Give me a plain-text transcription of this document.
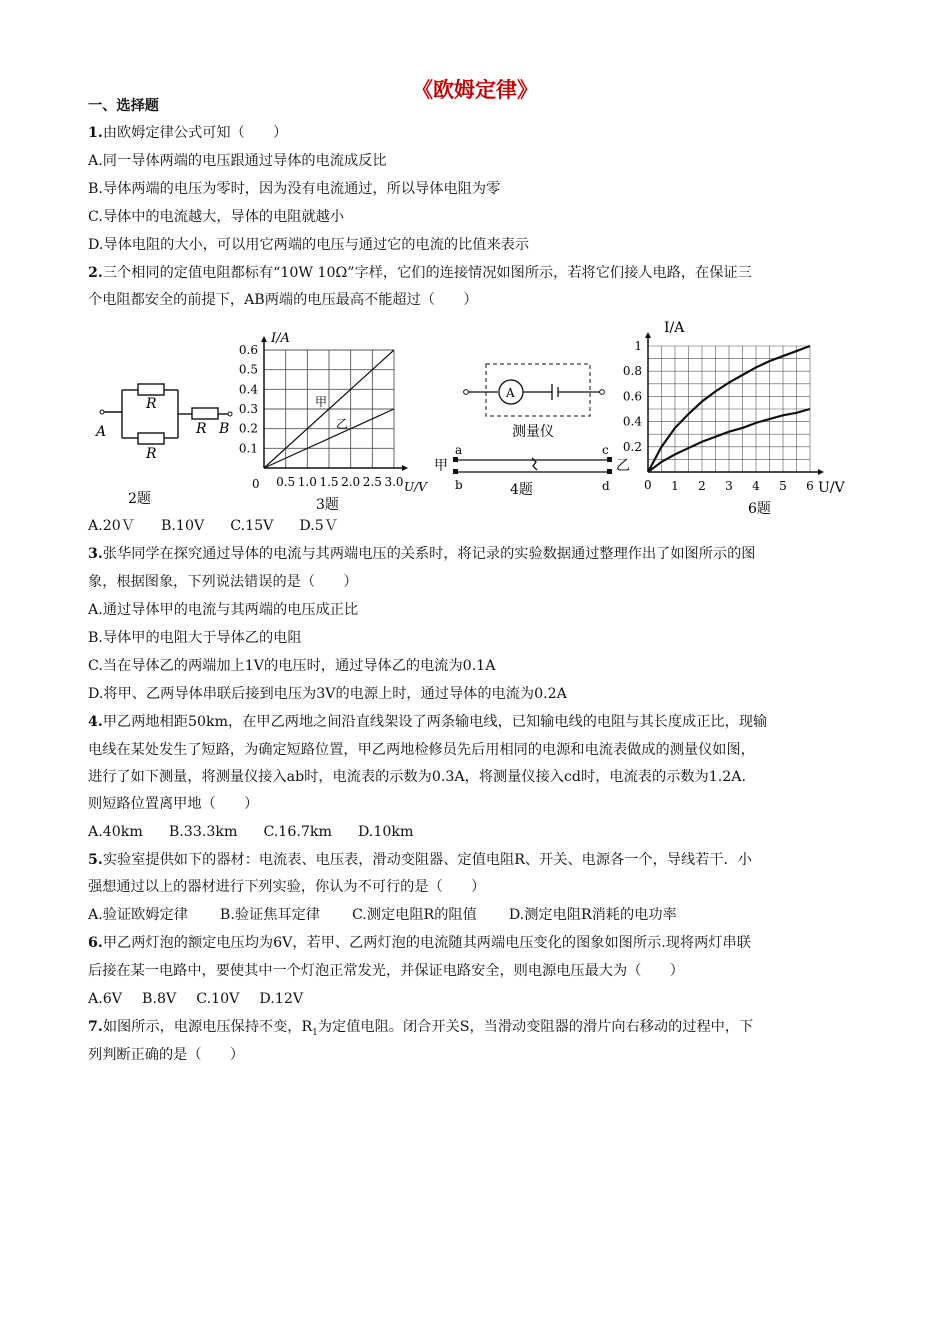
《欧姆定律》
一、选择题
1.由欧姆定律公式可知（　　）
A.同一导体两端的电压跟通过导体的电流成反比
B.导体两端的电压为零时，因为没有电流通过，所以导体电阻为零
C.导体中的电流越大，导体的电阻就越小
D.导体电阻的大小，可以用它两端的电压与通过它的电流的比值来表示
2.三个相同的定值电阻都标有“10W 10Ω”字样，它们的连接情况如图所示，若将它们接人电路，在保证三
个电阻都安全的前提下，AB两端的电压最高不能超过（　　）
R
R
R
A	B
2题
0.5 1.0 1.5 2.0 2.5 3.0
0.1
0.2
0.3
0.4
0.5
0.6
I/A
U/V
0
甲
乙
3题
A
测量仪
a
b
c
d
甲	乙
4题	1 2 3 4 5 6
0.2
0.4
0.6
0.8
1
I/A
U/V
0
6题
A.20Ｖ B.10V C.15V D.5Ｖ
3.张华同学在探究通过导体的电流与其两端电压的关系时，将记录的实验数据通过整理作出了如图所示的图
象，根据图象，下列说法错误的是（　　）
A.通过导体甲的电流与其两端的电压成正比
B.导体甲的电阻大于导体乙的电阻
C.当在导体乙的两端加上1V的电压时，通过导体乙的电流为0.1A
D.将甲、乙两导体串联后接到电压为3V的电源上时，通过导体的电流为0.2A
4.甲乙两地相距50km，在甲乙两地之间沿直线架设了两条输电线，已知输电线的电阻与其长度成正比，现输
电线在某处发生了短路，为确定短路位置，甲乙两地检修员先后用相同的电源和电流表做成的测量仪如图，
进行了如下测量，将测量仪接入ab时，电流表的示数为0.3A，将测量仪接入cd时，电流表的示数为1.2A.
则短路位置离甲地（　　）
A.40km B.33.3km C.16.7km D.10km
5.实验室提供如下的器材：电流表、电压表，滑动变阻器、定值电阻R、开关、电源各一个，导线若干．小
强想通过以上的器材进行下列实验，你认为不可行的是（　　）
A.验证欧姆定律 B.验证焦耳定律 C.测定电阻R的阻值 D.测定电阻R消耗的电功率
6.甲乙两灯泡的额定电压均为6V，若甲、乙两灯泡的电流随其两端电压变化的图象如图所示.现将两灯串联
后接在某一电路中，要使其中一个灯泡正常发光，并保证电路安全，则电源电压最大为（　　）
A.6V B.8V C.10V D.12V
7.如图所示，电源电压保持不变，$R_1$为定值电阻。闭合开关S，当滑动变阻器的滑片向右移动的过程中，下
列判断正确的是（　　）
